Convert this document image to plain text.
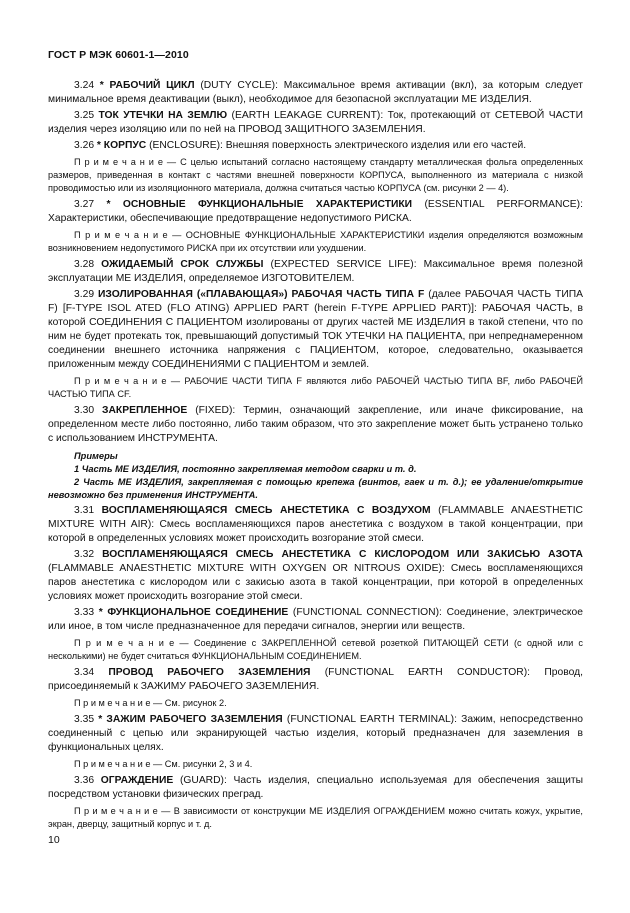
ГОСТ Р МЭК 60601-1—2010

3.24 * РАБОЧИЙ ЦИКЛ (DUTY CYCLE): Максимальное время активации (вкл), за которым следует минимальное время деактивации (выкл), необходимое для безопасной эксплуатации МЕ ИЗДЕЛИЯ.

3.25 ТОК УТЕЧКИ НА ЗЕМЛЮ (EARTH LEAKAGE CURRENT): Ток, протекающий от СЕТЕВОЙ ЧАСТИ изделия через изоляцию или по ней на ПРОВОД ЗАЩИТНОГО ЗАЗЕМЛЕНИЯ.

3.26 * КОРПУС (ENCLOSURE): Внешняя поверхность электрического изделия или его частей.

П р и м е ч а н и е — С целью испытаний согласно настоящему стандарту металлическая фольга определенных размеров, приведенная в контакт с частями внешней поверхности КОРПУСА, выполненного из материала с низкой проводимостью или из изоляционного материала, должна считаться частью КОРПУСА (см. рисунки 2 — 4).

3.27 * ОСНОВНЫЕ ФУНКЦИОНАЛЬНЫЕ ХАРАКТЕРИСТИКИ (ESSENTIAL PERFORMANCE): Характеристики, обеспечивающие предотвращение недопустимого РИСКА.

П р и м е ч а н и е — ОСНОВНЫЕ ФУНКЦИОНАЛЬНЫЕ ХАРАКТЕРИСТИКИ изделия определяются возможным возникновением недопустимого РИСКА при их отсутствии или ухудшении.

3.28 ОЖИДАЕМЫЙ СРОК СЛУЖБЫ (EXPECTED SERVICE LIFE): Максимальное время полезной эксплуатации МЕ ИЗДЕЛИЯ, определяемое ИЗГОТОВИТЕЛЕМ.

3.29 ИЗОЛИРОВАННАЯ («ПЛАВАЮЩАЯ») РАБОЧАЯ ЧАСТЬ ТИПА F (далее РАБОЧАЯ ЧАСТЬ ТИПА F) [F-TYPE ISOL ATED (FLO ATING) APPLIED PART (herein F-TYPE APPLIED PART)]: РАБОЧАЯ ЧАСТЬ, в которой СОЕДИНЕНИЯ С ПАЦИЕНТОМ изолированы от других частей МЕ ИЗДЕЛИЯ в такой степени, что по ним не будет протекать ток, превышающий допустимый ТОК УТЕЧКИ НА ПАЦИЕНТА, при непреднамеренном соединении внешнего источника напряжения с ПАЦИЕНТОМ, которое, следовательно, оказывается приложенным между СОЕДИНЕНИЯМИ С ПАЦИЕНТОМ и землей.

П р и м е ч а н и е — РАБОЧИЕ ЧАСТИ ТИПА F являются либо РАБОЧЕЙ ЧАСТЬЮ ТИПА BF, либо РАБОЧЕЙ ЧАСТЬЮ ТИПА CF.

3.30 ЗАКРЕПЛЕННОЕ (FIXED): Термин, означающий закрепление, или иначе фиксирование, на определенном месте либо постоянно, либо таким образом, что это закрепление может быть устранено только с использованием ИНСТРУМЕНТА.

Примеры

1 Часть МЕ ИЗДЕЛИЯ, постоянно закрепляемая методом сварки и т. д.

2 Часть МЕ ИЗДЕЛИЯ, закрепляемая с помощью крепежа (винтов, гаек и т. д.); ее удаление/открытие невозможно без применения ИНСТРУМЕНТА.

3.31 ВОСПЛАМЕНЯЮЩАЯСЯ СМЕСЬ АНЕСТЕТИКА С ВОЗДУХОМ (FLAMMABLE ANAESTHETIC MIXTURE WITH AIR): Смесь воспламеняющихся паров анестетика с воздухом в такой концентрации, при которой в определенных условиях может происходить возгорание этой смеси.

3.32 ВОСПЛАМЕНЯЮЩАЯСЯ СМЕСЬ АНЕСТЕТИКА С КИСЛОРОДОМ ИЛИ ЗАКИСЬЮ АЗОТА (FLAMMABLE ANAESTHETIC MIXTURE WITH OXYGEN OR NITROUS OXIDE): Смесь воспламеняющихся паров анестетика с кислородом или с закисью азота в такой концентрации, при которой в определенных условиях может происходить возгорание этой смеси.

3.33 * ФУНКЦИОНАЛЬНОЕ СОЕДИНЕНИЕ (FUNCTIONAL CONNECTION): Соединение, электрическое или иное, в том числе предназначенное для передачи сигналов, энергии или веществ.

П р и м е ч а н и е — Соединение с ЗАКРЕПЛЕННОЙ сетевой розеткой ПИТАЮЩЕЙ СЕТИ (с одной или с несколькими) не будет считаться ФУНКЦИОНАЛЬНЫМ СОЕДИНЕНИЕМ.

3.34 ПРОВОД РАБОЧЕГО ЗАЗЕМЛЕНИЯ (FUNCTIONAL EARTH CONDUCTOR): Провод, присоединяемый к ЗАЖИМУ РАБОЧЕГО ЗАЗЕМЛЕНИЯ.

П р и м е ч а н и е — См. рисунок 2.

3.35 * ЗАЖИМ РАБОЧЕГО ЗАЗЕМЛЕНИЯ (FUNCTIONAL EARTH TERMINAL): Зажим, непосредственно соединенный с цепью или экранирующей частью изделия, который предназначен для заземления в функциональных целях.

П р и м е ч а н и е — См. рисунки 2, 3 и 4.

3.36 ОГРАЖДЕНИЕ (GUARD): Часть изделия, специально используемая для обеспечения защиты посредством установки физических преград.

П р и м е ч а н и е — В зависимости от конструкции МЕ ИЗДЕЛИЯ ОГРАЖДЕНИЕМ можно считать кожух, укрытие, экран, дверцу, защитный корпус и т. д.

10
